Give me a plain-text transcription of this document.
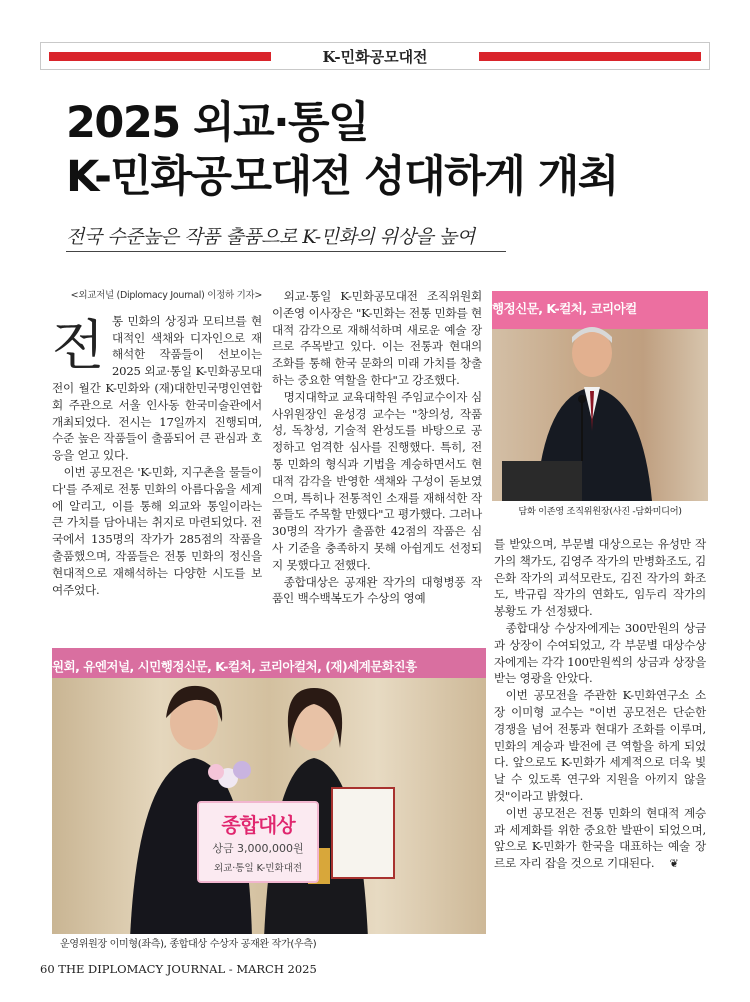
K-민화공모대전
2025 외교·통일
K-민화공모대전 성대하게 개최
전국 수준높은 작품 출품으로 K-민화의 위상을 높여
<외교저널 (Diplomacy Journal) 이정하 기자>
전 통 민화의 상징과 모티브를 현대적인 색채와 디자인으로 재해석한 작품들이 선보이는 2025 외교·통일 K-민화공모대전이 월간 K-민화와 (재)대한민국명인연합회 주관으로 서울 인사동 한국미술관에서 개최되었다. 전시는 17일까지 진행되며, 수준 높은 작품들이 출품되어 큰 관심과 호응을 얻고 있다.

이번 공모전은 'K-민화, 지구촌을 물들이다'를 주제로 전통 민화의 아름다움을 세계에 알리고, 이를 통해 외교와 통일이라는 큰 가치를 담아내는 취지로 마련되었다. 전국에서 135명의 작가가 285점의 작품을 출품했으며, 작품들은 전통 민화의 정신을 현대적으로 재해석하는 다양한 시도를 보여주었다.

외교·통일 K-민화공모대전 조직위원회 이존영 이사장은 "K-민화는 전통 민화를 현대적 감각으로 재해석하며 새로운 예술 장르로 주목받고 있다. 이는 전통과 현대의 조화를 통해 한국 문화의 미래 가치를 창출하는 중요한 역할을 한다"고 강조했다.

명지대학교 교육대학원 주임교수이자 심사위원장인 윤성경 교수는 "창의성, 작품성, 독창성, 기술적 완성도를 바탕으로 공정하고 엄격한 심사를 진행했다. 특히, 전통 민화의 형식과 기법을 계승하면서도 현대적 감각을 반영한 색채와 구성이 돋보였으며, 특히나 전통적인 소재를 재해석한 작품들도 주목할 만했다"고 평가했다. 그러나 30명의 작가가 출품한 42점의 작품은 심사 기준을 충족하지 못해 아쉽게도 선정되지 못했다고 전했다.

종합대상은 공재완 작가의 대형병풍 작품인 백수백복도가 수상의 영예

행정신문, K-컬처, 코리아컬
담화 이존영 조직위원장(사진 -담화미디어)

를 받았으며, 부문별 대상으로는 유성만 작가의 책가도, 김영주 작가의 만병화조도, 김은화 작가의 괴석모란도, 김진 작가의 화조도, 박규림 작가의 연화도, 임두리 작가의 봉황도 가 선정됐다.

종합대상 수상자에게는 300만원의 상금과 상장이 수여되었고, 각 부문별 대상수상자에게는 각각 100만원씩의 상금과 상장을 받는 영광을 안았다.

이번 공모전을 주관한 K-민화연구소 소장 이미형 교수는 "이번 공모전은 단순한 경쟁을 넘어 전통과 현대가 조화를 이루며, 민화의 계승과 발전에 큰 역할을 하게 되었다. 앞으로도 K-민화가 세계적으로 더욱 빛날 수 있도록 연구와 지원을 아끼지 않을 것"이라고 밝혔다.

이번 공모전은 전통 민화의 현대적 계승과 세계화를 위한 중요한 발판이 되었으며, 앞으로 K-민화가 한국을 대표하는 예술 장르로 자리 잡을 것으로 기대된다. ❦

원회, 유엔저널, 시민행정신문, K-컬처, 코리아컬처, (재)세계문화진흥
종합대상
상금 3,000,000원
외교·통일 K-민화대전
운영위원장 이미형(좌측), 종합대상 수상자 공재완 작가(우측)
60 THE DIPLOMACY JOURNAL - MARCH 2025
